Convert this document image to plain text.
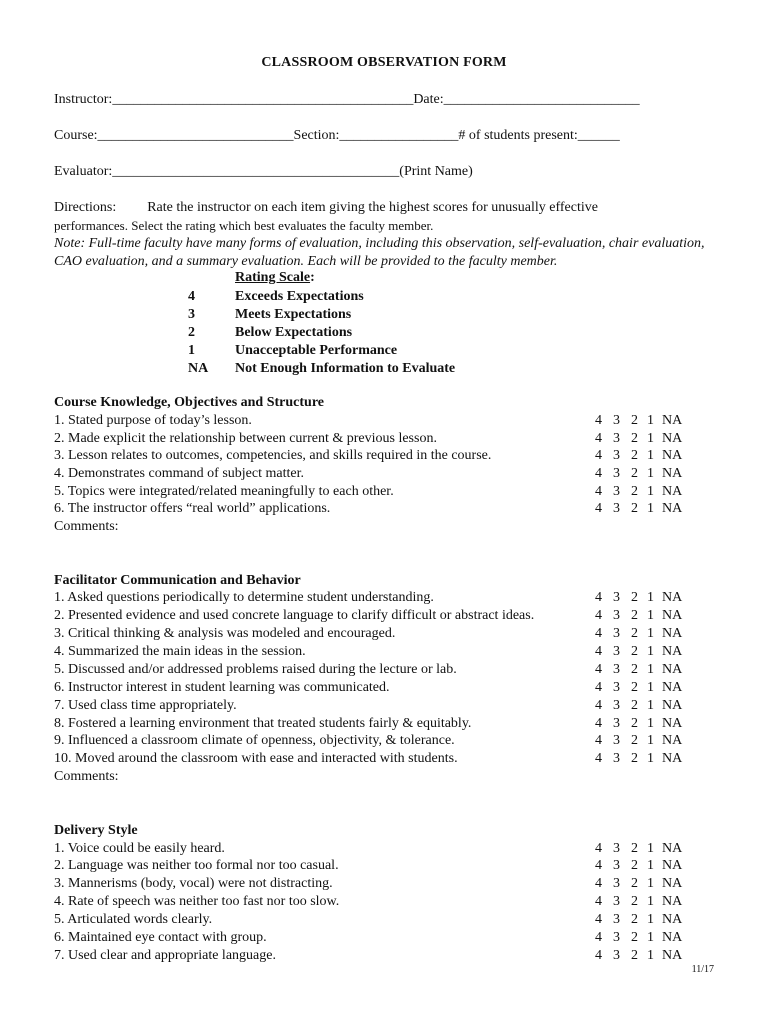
CLASSROOM OBSERVATION FORM
Instructor:___________________________________________Date:____________________________
Course:____________________________Section:_________________# of students present:______
Evaluator:_________________________________________(Print Name)
Directions: Rate the instructor on each item giving the highest scores for unusually effective
performances. Select the rating which best evaluates the faculty member.
Note: Full-time faculty have many forms of evaluation, including this observation, self-evaluation, chair evaluation, CAO evaluation, and a summary evaluation. Each will be provided to the faculty member.
Rating Scale:
4	Exceeds Expectations
3	Meets Expectations
2	Below Expectations
1	Unacceptable Performance
NA Not Enough Information to Evaluate
Course Knowledge, Objectives and Structure
1. Stated purpose of today’s lesson.	4 3 2 1 NA
2. Made explicit the relationship between current & previous lesson.	4 3 2 1 NA
3. Lesson relates to outcomes, competencies, and skills required in the course.	4 3 2 1 NA
4. Demonstrates command of subject matter.	4 3 2 1 NA
5. Topics were integrated/related meaningfully to each other.	4 3 2 1 NA
6. The instructor offers “real world” applications.	4 3 2 1 NA
Comments:
Facilitator Communication and Behavior
1. Asked questions periodically to determine student understanding.	4 3 2 1 NA
2. Presented evidence and used concrete language to clarify difficult or abstract ideas.	4 3 2 1 NA
3. Critical thinking & analysis was modeled and encouraged.	4 3 2 1 NA
4. Summarized the main ideas in the session.	4 3 2 1 NA
5. Discussed and/or addressed problems raised during the lecture or lab.	4 3 2 1 NA
6. Instructor interest in student learning was communicated.	4 3 2 1 NA
7. Used class time appropriately.	4 3 2 1 NA
8. Fostered a learning environment that treated students fairly & equitably.	4 3 2 1 NA
9. Influenced a classroom climate of openness, objectivity, & tolerance.	4 3 2 1 NA
10. Moved around the classroom with ease and interacted with students.	4 3 2 1 NA
Comments:
Delivery Style
1. Voice could be easily heard.	4 3 2 1 NA
2. Language was neither too formal nor too casual.	4 3 2 1 NA
3. Mannerisms (body, vocal) were not distracting.	4 3 2 1 NA
4. Rate of speech was neither too fast nor too slow.	4 3 2 1 NA
5. Articulated words clearly.	4 3 2 1 NA
6. Maintained eye contact with group.	4 3 2 1 NA
7. Used clear and appropriate language.	4 3 2 1 NA
11/17
